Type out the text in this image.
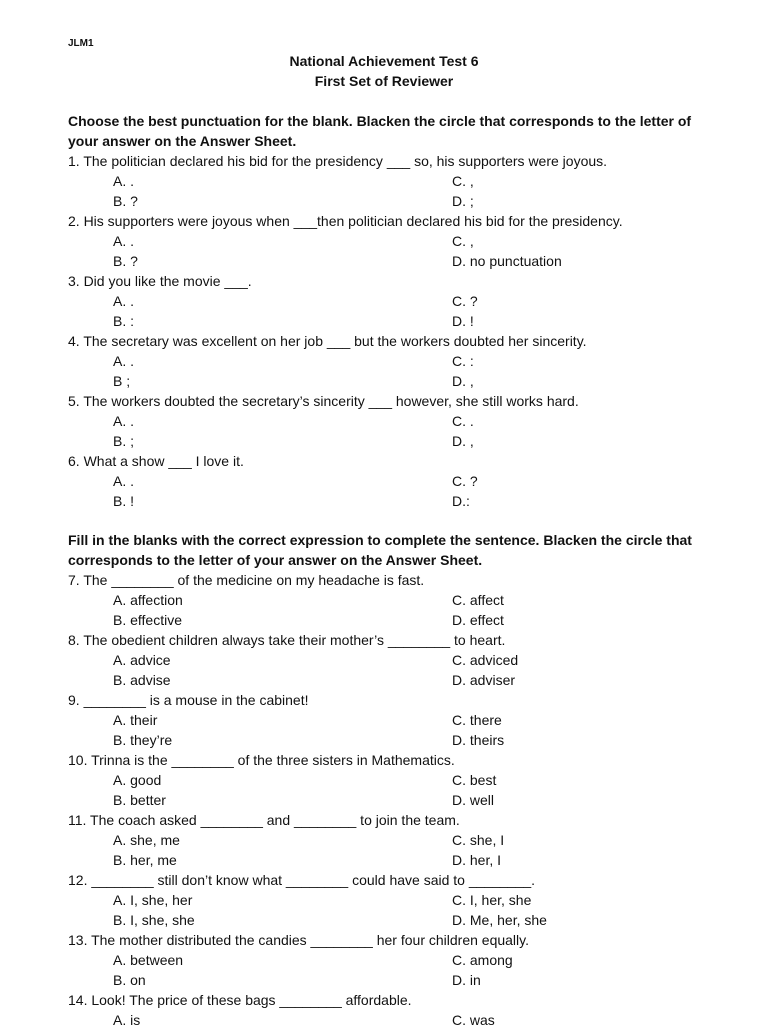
JLM1
National Achievement Test 6
First Set of Reviewer

Choose the best punctuation for the blank. Blacken the circle that corresponds to the letter of your answer on the Answer Sheet.

1. The politician declared his bid for the presidency ___ so, his supporters were joyous.
A. .	C. ,
B. ?	D. ;
2. His supporters were joyous when ___then politician declared his bid for the presidency.
A. .	C. ,
B. ?	D. no punctuation
3. Did you like the movie ___.
A. .	C. ?
B. :	D. !
4. The secretary was excellent on her job ___ but the workers doubted her sincerity.
A. .	C. :
B ;	D. ,
5. The workers doubted the secretary’s sincerity ___ however, she still works hard.
A. .	C. .
B. ;	D. ,
6. What a show ___ I love it.
A. .	C. ?
B. !	D.:

Fill in the blanks with the correct expression to complete the sentence. Blacken the circle that corresponds to the letter of your answer on the Answer Sheet.

7. The ________ of the medicine on my headache is fast.
A. affection	C. affect
B. effective	D. effect
8. The obedient children always take their mother’s ________ to heart.
A. advice	C. adviced
B. advise	D. adviser
9. ________ is a mouse in the cabinet!
A. their	C. there
B. they’re	D. theirs
10. Trinna is the ________ of the three sisters in Mathematics.
A. good	C. best
B. better	D. well
11. The coach asked ________ and ________ to join the team.
A. she, me	C. she, I
B. her, me	D. her, I
12. ________ still don’t know what ________ could have said to ________.
A. I, she, her	C. I, her, she
B. I, she, she	D. Me, her, she
13. The mother distributed the candies ________ her four children equally.
A. between	C. among
B. on	D. in
14. Look! The price of these bags ________ affordable.
A. is	C. was
